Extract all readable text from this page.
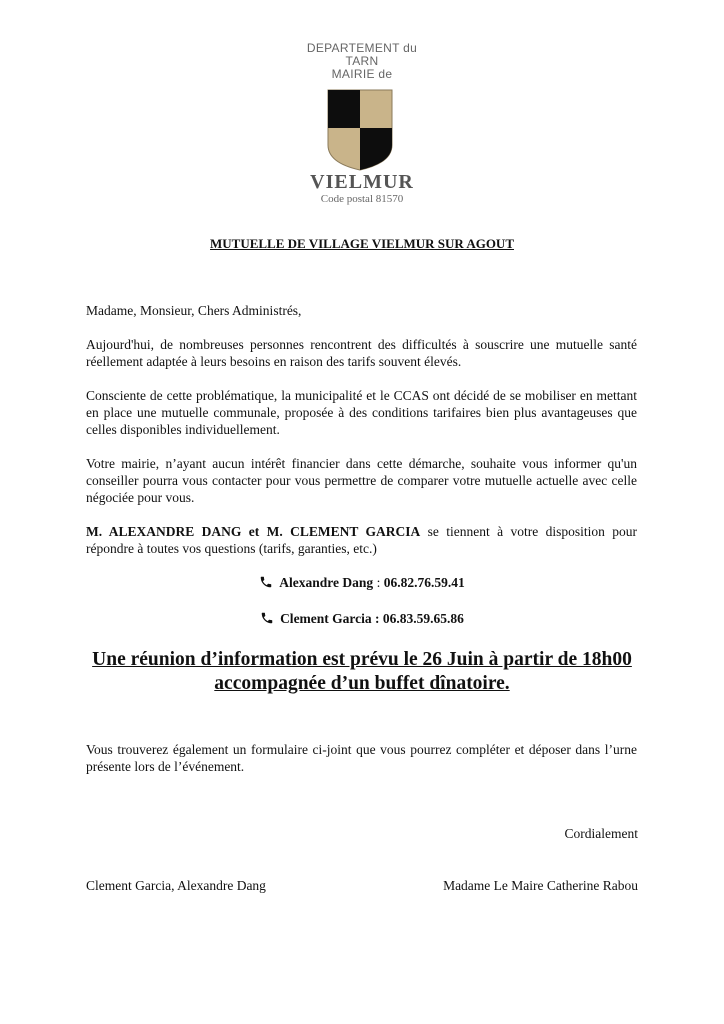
DEPARTEMENT du
TARN
MAIRIE de
VIELMUR
Code postal 81570
MUTUELLE DE VILLAGE VIELMUR SUR AGOUT
Madame, Monsieur, Chers Administrés,
Aujourd'hui, de nombreuses personnes rencontrent des difficultés à souscrire une mutuelle santé réellement adaptée à leurs besoins en raison des tarifs souvent élevés.
Consciente de cette problématique, la municipalité et le CCAS ont décidé de se mobiliser en mettant en place une mutuelle communale, proposée à des conditions tarifaires bien plus avantageuses que celles disponibles individuellement.
Votre mairie, n’ayant aucun intérêt financier dans cette démarche, souhaite vous informer qu'un conseiller pourra vous contacter pour vous permettre de comparer votre mutuelle actuelle avec celle négociée pour vous.
M. ALEXANDRE DANG et M. CLEMENT GARCIA se tiennent à votre disposition pour répondre à toutes vos questions (tarifs, garanties, etc.)
Alexandre Dang : 06.82.76.59.41
Clement Garcia : 06.83.59.65.86
Une réunion d’information est prévu le 26 Juin à partir de 18h00
accompagnée d’un buffet dînatoire.
Vous trouverez également un formulaire ci-joint que vous pourrez compléter et déposer dans l’urne présente lors de l’événement.
Cordialement
Clement Garcia, Alexandre Dang	Madame Le Maire Catherine Rabou
